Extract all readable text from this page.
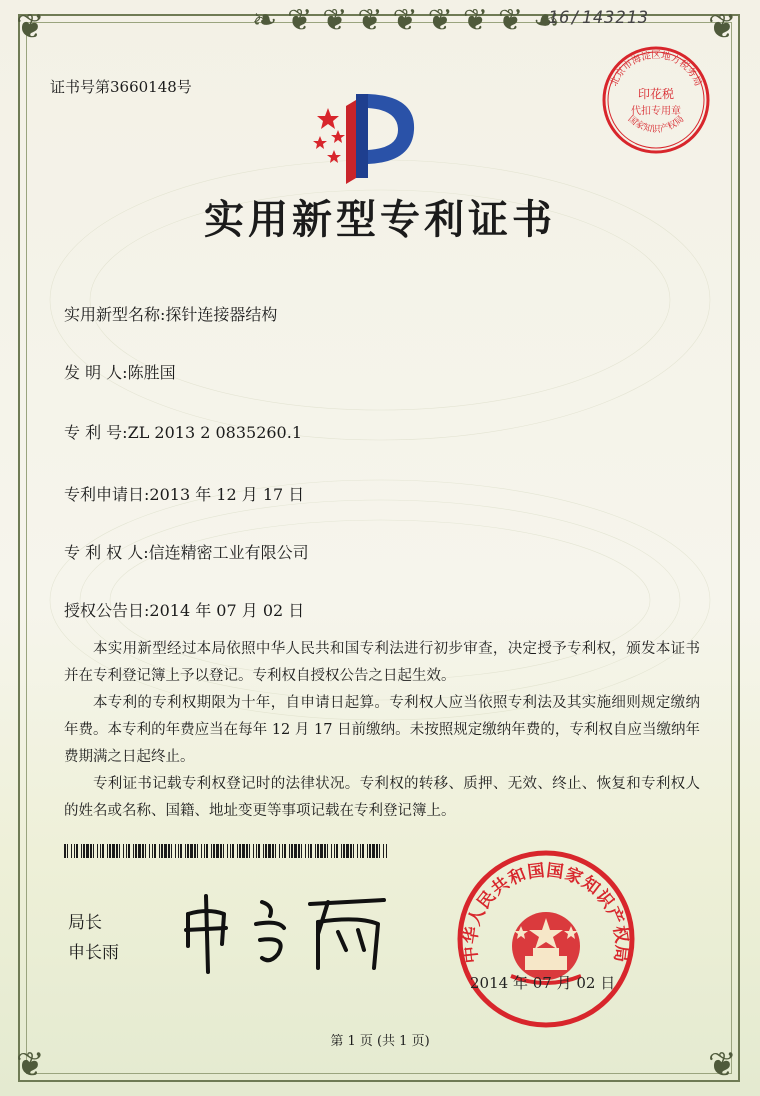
❦	❦
❦	❦
❧❦❦❦❦❦❦❦☙
16/143213
证书号第3660148号	北京市海淀区地方税务局
印花税
代扣专用章
国家知识产权局
实用新型专利证书
实用新型名称:探针连接器结构
发 明 人:陈胜国
专 利 号:ZL 2013 2 0835260.1
专利申请日:2013 年 12 月 17 日
专 利 权 人:信连精密工业有限公司
授权公告日:2014 年 07 月 02 日

本实用新型经过本局依照中华人民共和国专利法进行初步审查，决定授予专利权，颁发本证书并在专利登记簿上予以登记。专利权自授权公告之日起生效。

本专利的专利权期限为十年，自申请日起算。专利权人应当依照专利法及其实施细则规定缴纳年费。本专利的年费应当在每年 12 月 17 日前缴纳。未按照规定缴纳年费的，专利权自应当缴纳年费期满之日起终止。

专利证书记载专利权登记时的法律状况。专利权的转移、质押、无效、终止、恢复和专利权人的姓名或名称、国籍、地址变更等事项记载在专利登记簿上。

局长
申长雨	中华人民共和国国家知识产权局
2014 年 07 月 02 日
第 1 页 (共 1 页)
